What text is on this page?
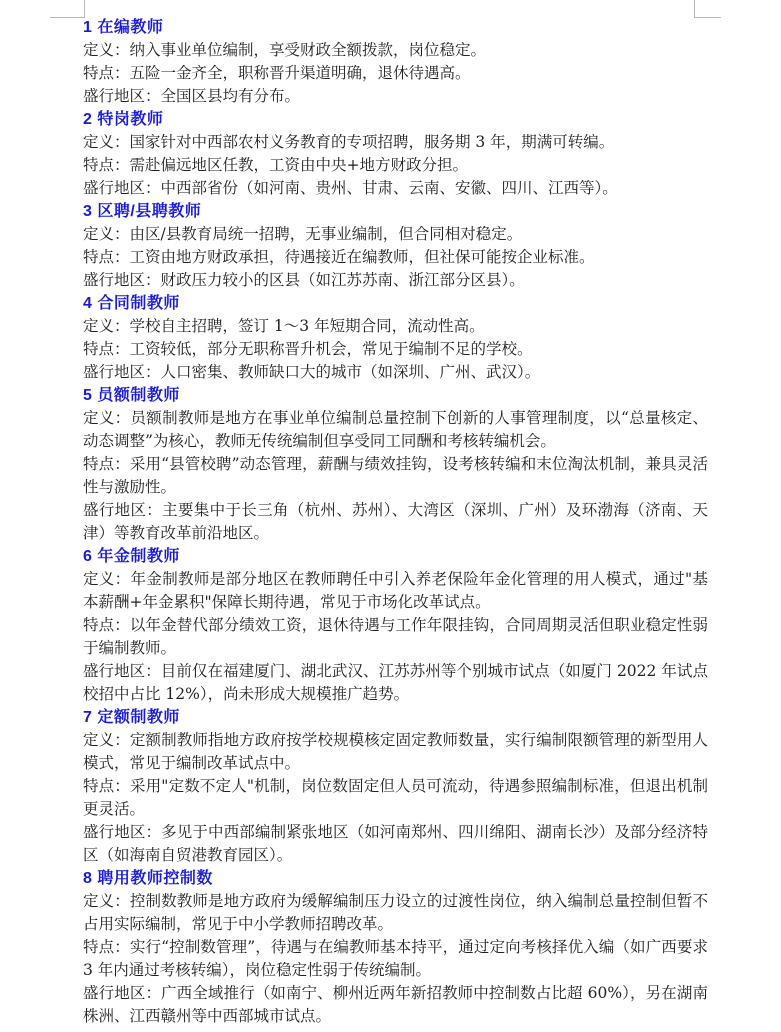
1 在编教师

定义：纳入事业单位编制，享受财政全额拨款，岗位稳定。

特点：五险一金齐全，职称晋升渠道明确，退休待遇高。

盛行地区：全国区县均有分布。

2 特岗教师

定义：国家针对中西部农村义务教育的专项招聘，服务期 3 年，期满可转编。

特点：需赴偏远地区任教，工资由中央+地方财政分担。

盛行地区：中西部省份（如河南、贵州、甘肃、云南、安徽、四川、江西等）。

3 区聘/县聘教师

定义：由区/县教育局统一招聘，无事业编制，但合同相对稳定。

特点：工资由地方财政承担，待遇接近在编教师，但社保可能按企业标准。

盛行地区：财政压力较小的区县（如江苏苏南、浙江部分区县）。

4 合同制教师

定义：学校自主招聘，签订 1～3 年短期合同，流动性高。

特点：工资较低，部分无职称晋升机会，常见于编制不足的学校。

盛行地区：人口密集、教师缺口大的城市（如深圳、广州、武汉）。

5 员额制教师

定义：员额制教师是地方在事业单位编制总量控制下创新的人事管理制度，以“总量核定、动态调整”为核心，教师无传统编制但享受同工同酬和考核转编机会。

特点：采用“县管校聘”动态管理，薪酬与绩效挂钩，设考核转编和末位淘汰机制，兼具灵活性与激励性。

盛行地区：主要集中于长三角（杭州、苏州）、大湾区（深圳、广州）及环渤海（济南、天津）等教育改革前沿地区。

6 年金制教师

定义：年金制教师是部分地区在教师聘任中引入养老保险年金化管理的用人模式，通过"基本薪酬+年金累积"保障长期待遇，常见于市场化改革试点。

特点：以年金替代部分绩效工资，退休待遇与工作年限挂钩，合同周期灵活但职业稳定性弱于编制教师。

盛行地区：目前仅在福建厦门、湖北武汉、江苏苏州等个别城市试点（如厦门 2022 年试点校招中占比 12%），尚未形成大规模推广趋势。

7 定额制教师

定义：定额制教师指地方政府按学校规模核定固定教师数量，实行编制限额管理的新型用人模式，常见于编制改革试点中。

特点：采用"定数不定人"机制，岗位数固定但人员可流动，待遇参照编制标准，但退出机制更灵活。

盛行地区：多见于中西部编制紧张地区（如河南郑州、四川绵阳、湖南长沙）及部分经济特区（如海南自贸港教育园区）。

8 聘用教师控制数

定义：控制数教师是地方政府为缓解编制压力设立的过渡性岗位，纳入编制总量控制但暂不占用实际编制，常见于中小学教师招聘改革。

特点：实行“控制数管理”，待遇与在编教师基本持平，通过定向考核择优入编（如广西要求 3 年内通过考核转编），岗位稳定性弱于传统编制。

盛行地区：广西全域推行（如南宁、柳州近两年新招教师中控制数占比超 60%），另在湖南株洲、江西赣州等中西部城市试点。
